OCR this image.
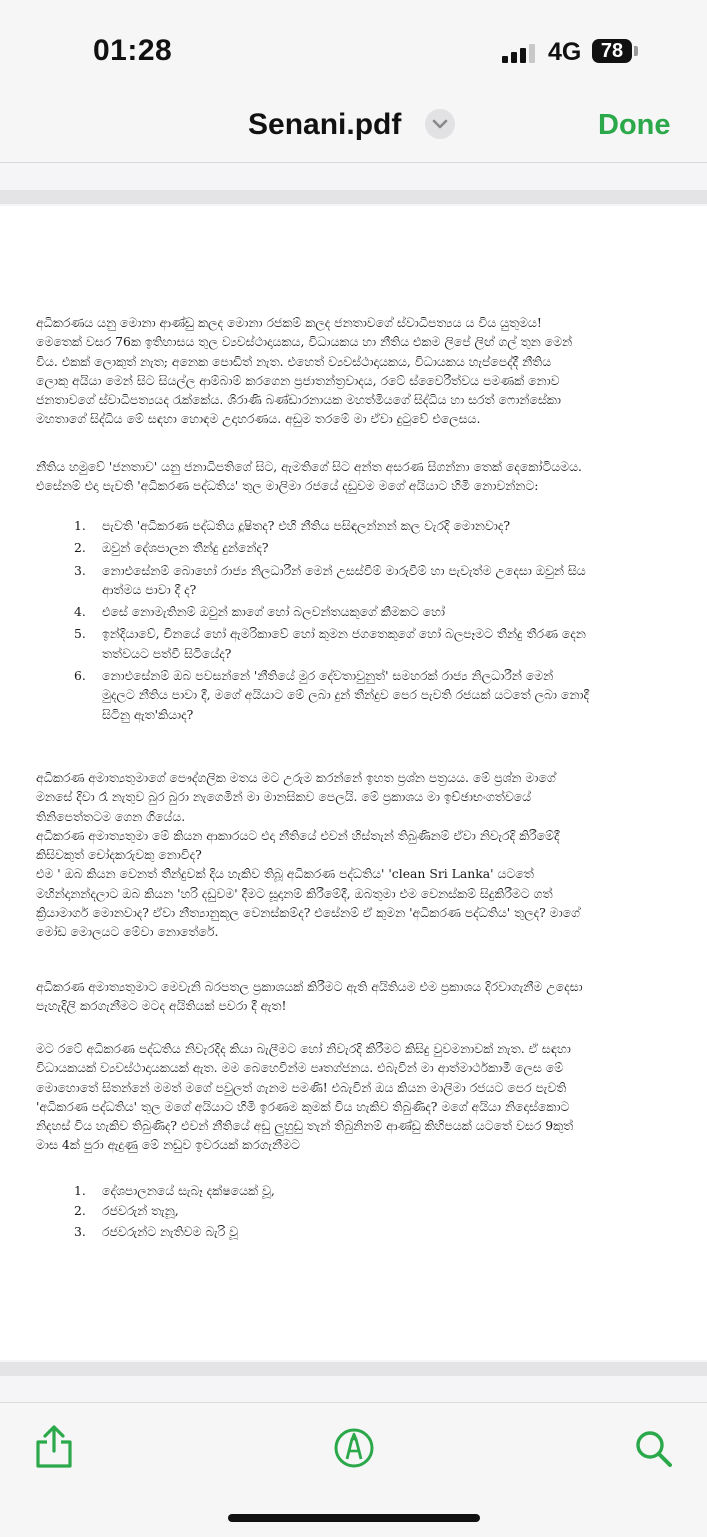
01:28	4G 78
Senani.pdf	Done
අධිකරණය යනු මොනා ආණ්ඩු කලද මොනා රජකම් කලද ජනතාවගේ ස්වාධිපත්‍යය ය විය යුතුමය!
මෙතෙක් වසර 76ක ඉතිහාසය තුල ව්‍යවස්ථාදායකය, විධායකය හා නීතිය එකම ලිපේ ලිඟ් ගල් තුන මෙන්
විය. එකක් ලොකුත් නැත; අනෙක පොඩිත් නැත. එහෙත් ව්‍යවස්ථාදායකය, විධායකය හැප්පෙද්දී නීතිය
ලොකු අයියා මෙන් සිට සියල්ල ආම්බාම් කරගෙන ප්‍රජාතන්ත්‍රවාදය, රටේ ස්වෛරීත්වය පමණක් නොව
ජනතාවගේ ස්වාධිපත්‍යයද රැක්කේය. ශිරාණි බණ්ඩාරනායක මහත්මියගේ සිද්ධිය හා සරත් ෆොන්සේකා
මහතාගේ සිද්ධිය මේ සඳහා හොඳම උදාහරණය. අඩුම තරමේ මා ඒවා දුටුවේ එලෙසය.
නීතිය හමුවේ 'ජනතාව' යනු ජනාධිපතිගේ සිට, ඇමතිගේ සිට අන්ත අසරණ සිගන්නා තෙක් දෙකෝටියමය.
එසේනම් එදා පැවති 'අධිකරණ පද්ධතිය' තුල මාලිමා රජයේ දඩුවම මගේ අයියාට හිමි නොවන්නට:
1. පැවති 'අධිකරණ පද්ධතිය දූෂිතද? එහි නීතිය පසිඳලන්නන් කල වැරදි මොනවාද?
2. ඔවුන් දේශපාලන තීන්දු දුන්නේද?
3. නොඑසේනම් බොහෝ රාජ්‍ය නිලධාරීන් මෙන් උසස්වීම් මාරුවීම් හා පැවැත්ම උදෙසා ඔවුන් සිය
ආත්මය පාවා දී ද?
4. එසේ නොමැතිනම් ඔවුන් කාගේ හෝ බලවන්තයකුගේ කීමකට හෝ
5. ඉන්දියාවේ, චීනයේ හෝ ඇමරිකාවේ හෝ කුමන ජගතෙකුගේ හෝ බලපෑමට තීන්දු තීරණ දෙන
තත්වයට පත්වී සිටියේද?
6. නොඑසේනම් ඔබ පවසන්නේ 'නීතියේ මුර දේවතාවුනුත්' සමහරක් රාජ්‍ය නිලධාරීන් මෙන්
මුදලට නීතිය පාවා දී, මගේ අයියාට මේ ලබා දුන් තීන්දුව පෙර පැවති රජයක් යටතේ ලබා නොදී
සිටිනු ඇත'කියාද?
අධිකරණ අමාත්‍යතුමාගේ පෞද්ගලික මතය මට උරුම කරන්නේ ඉහත ප්‍රශ්න පත්‍රයය. මේ ප්‍රශ්න මාගේ
මනසේ දිවා රෑ නැතුව බුර බුරා නැගෙමින් මා මානසිකව පෙලයි. මේ ප්‍රකාශය මා ඉච්ඡාභංගත්වයේ
තිනිපෙත්තටම ගෙන ගියේය.
අධිකරණ අමාත්‍යතුමා මේ කියන ආකාරයට එදා නීතියේ එවන් හිස්තැන් තිබුණිනම් ඒවා නිවැරදි කිරීමේදී
කිසිවකුත් චෝදකරුවකු නොවිද?
එම ' ඔබ කියන වෙනත් තීන්දුවක් දිය හැකිව තිබූ අධිකරණ පද්ධතිය' 'clean Sri Lanka' යටතේ
මහින්දානන්දලාට ඔබ කියන 'හරි දඩුවම' දීමට සූදානම් කිරීමේදී, ඔබතුමා එම වෙනස්කම් සිදුකිරීමට ගත්
ක්‍රියාමාර්ග මොනවාද? ඒවා නීත්‍යානුකූල වෙනස්කම්ද? එසේනම් ඒ කුමන 'අධිකරණ පද්ධතිය' තුලද? මාගේ
මෝඩ මොලයට මේවා නොතේරේ.
අධිකරණ අමාත්‍යතුමාට මෙවැනි බරපතල ප්‍රකාශයක් කිරීමට ඇති අයිතියම එම ප්‍රකාශය දිරවාගැනීම උදෙසා
පැහැදිලි කරගැනීමට මටද අයිතියක් පවරා දී ඇත!
මට රටේ අධිකරණ පද්ධතිය නිවැරදිද කියා බැලීමට හෝ නිවැරදි කිරීමට කිසිදු වුවමනාවක් නැත. ඒ සඳහා
විධායකයක් ව්‍යවස්ථාදායකයක් ඇත. මම බෙහෙවින්ම පෘතග්ජනය. එබැවින් මා ආත්මාර්ථකාමී ලෙස මේ
මොහොතේ සිතන්නේ මමත් මගේ පවුලත් ගැනම පමණි! එබැවින් ඔය කියන මාලිමා රජයට පෙර පැවති
'අධිකරණ පද්ධතිය' තුල මගේ අයියාට හිමි ඉරණම කුමක් විය හැකිව තිබුණිද? මගේ අයියා නිදොස්කොට
නිදහස් විය හැකිව තිබුණිද? එවන් නීතියේ අඩු ලුහුඩු තැන් තිබුනිනම් ආණ්ඩු කිහිපයක් යටතේ වසර 9කුත්
මාස 4ක් පුරා ඇදුණු මේ නඩුව ඉවරයක් කරගැනීමට
1. දේශපාලනයේ සැබෑ දක්ෂයෙක් වූ,
2. රජවරුන් තැනූ,
3. රජවරුන්ට නැතිවම බැරි වූ
